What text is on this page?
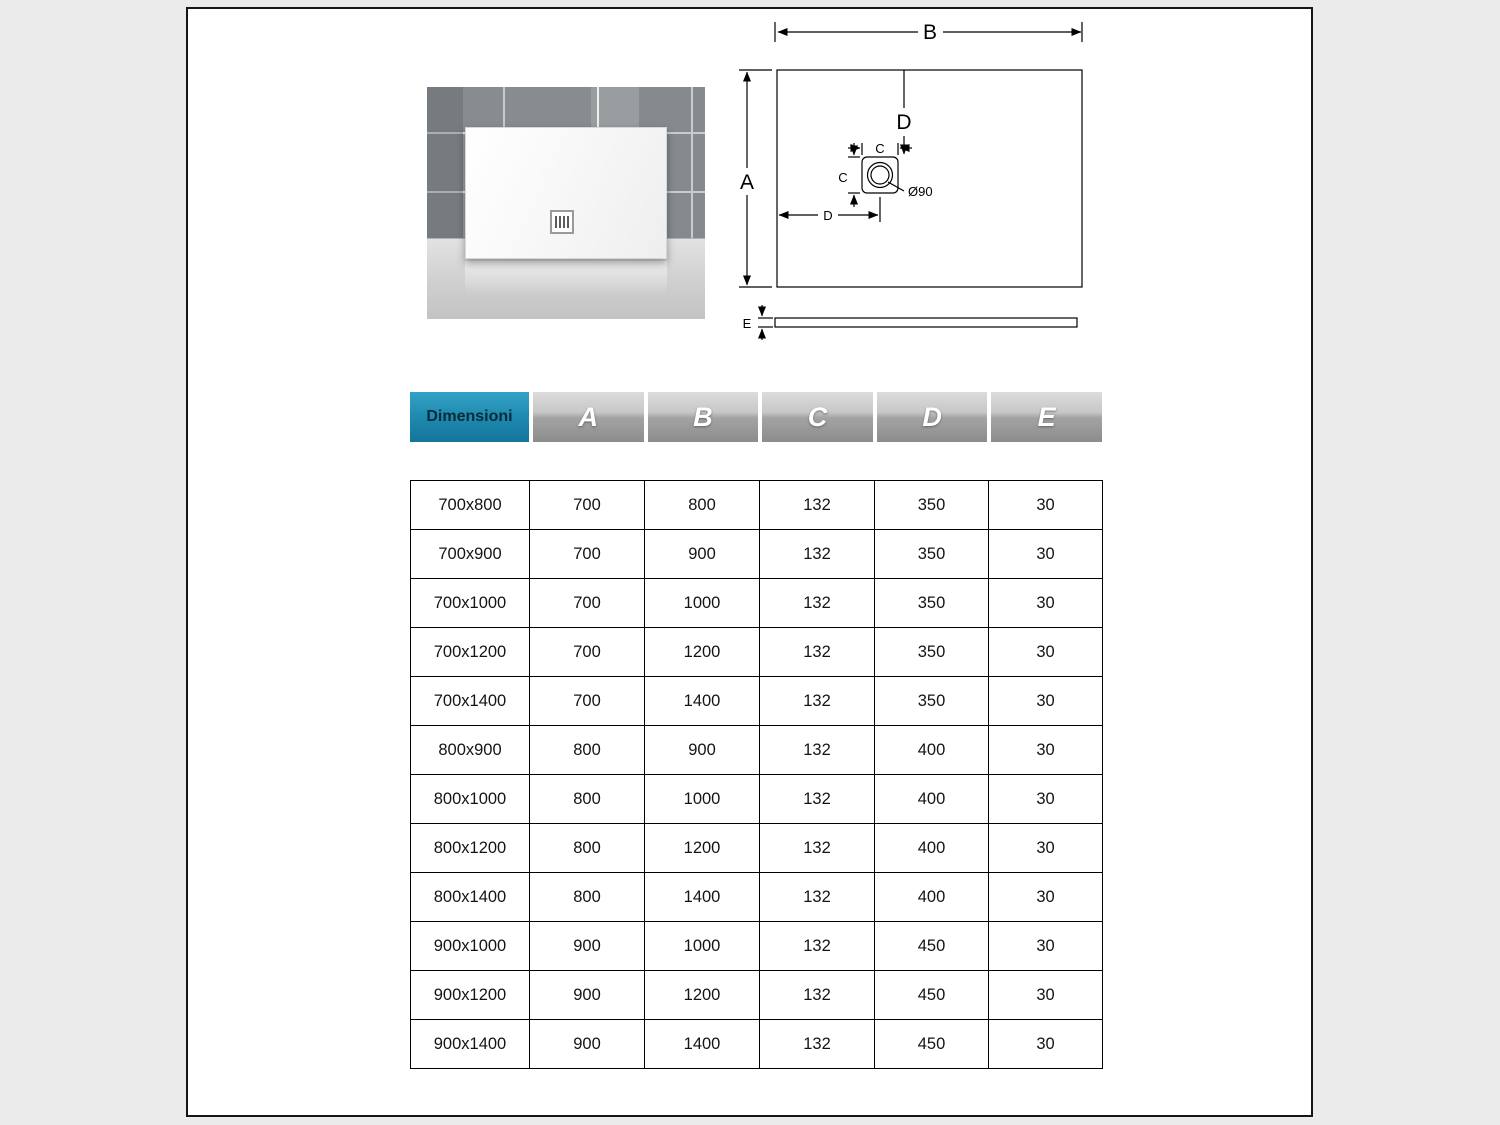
B
A
D
C
C
Ø90
D
E
Dimensioni	A	B	C	D	E
700x800	700	800	132	350	30
700x900	700	900	132	350	30
700x1000	700	1000	132	350	30
700x1200	700	1200	132	350	30
700x1400	700	1400	132	350	30
800x900	800	900	132	400	30
800x1000	800	1000	132	400	30
800x1200	800	1200	132	400	30
800x1400	800	1400	132	400	30
900x1000	900	1000	132	450	30
900x1200	900	1200	132	450	30
900x1400	900	1400	132	450	30
